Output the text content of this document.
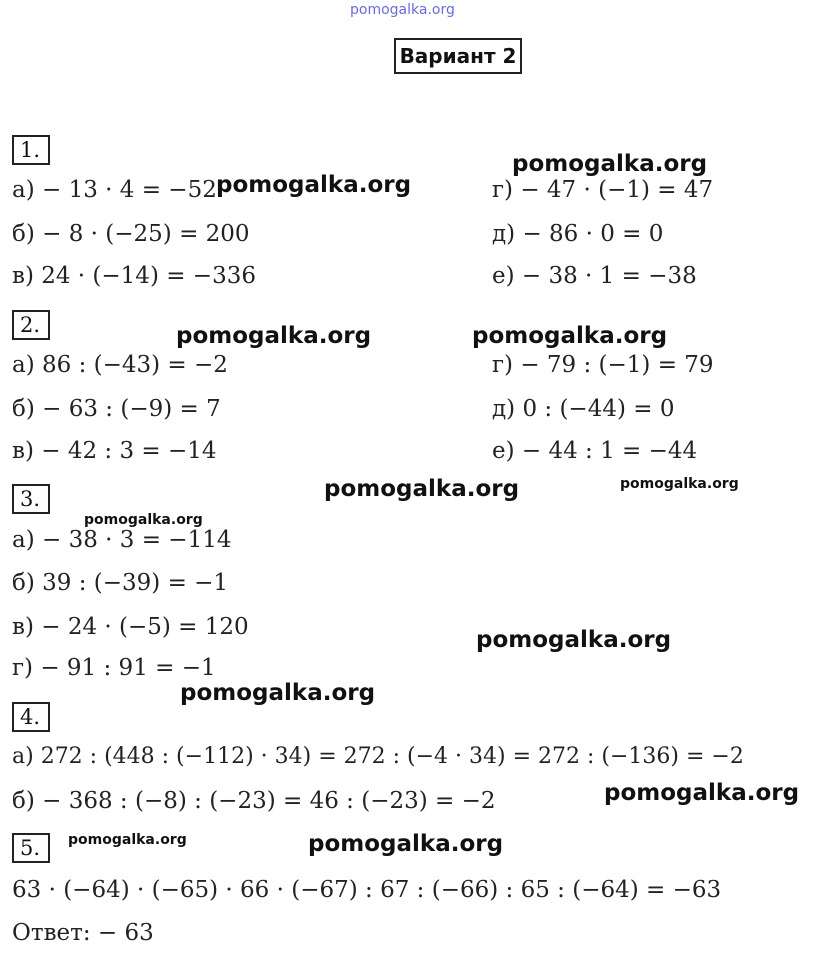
pomogalka.org
Вариант 2
1.
а) − 13 · 4 = −52
б) − 8 · (−25) = 200
в) 24 · (−14) = −336
г) − 47 · (−1) = 47
д) − 86 · 0 = 0
е) − 38 · 1 = −38
2.
а) 86 : (−43) = −2
б) − 63 : (−9) = 7
в) − 42 : 3 = −14
г) − 79 : (−1) = 79
д) 0 : (−44) = 0
е) − 44 : 1 = −44
3.
а) − 38 · 3 = −114
б) 39 : (−39) = −1
в) − 24 · (−5) = 120
г) − 91 : 91 = −1
4.
а) 272 : (448 : (−112) · 34) = 272 : (−4 · 34) = 272 : (−136) = −2
б) − 368 : (−8) : (−23) = 46 : (−23) = −2
5.
63 · (−64) · (−65) · 66 · (−67) : 67 : (−66) : 65 : (−64) = −63
Ответ: − 63
pomogalka.org
pomogalka.org
pomogalka.org	pomogalka.org
pomogalka.org	pomogalka.org
pomogalka.org
pomogalka.org
pomogalka.org
pomogalka.org
pomogalka.org	pomogalka.org
